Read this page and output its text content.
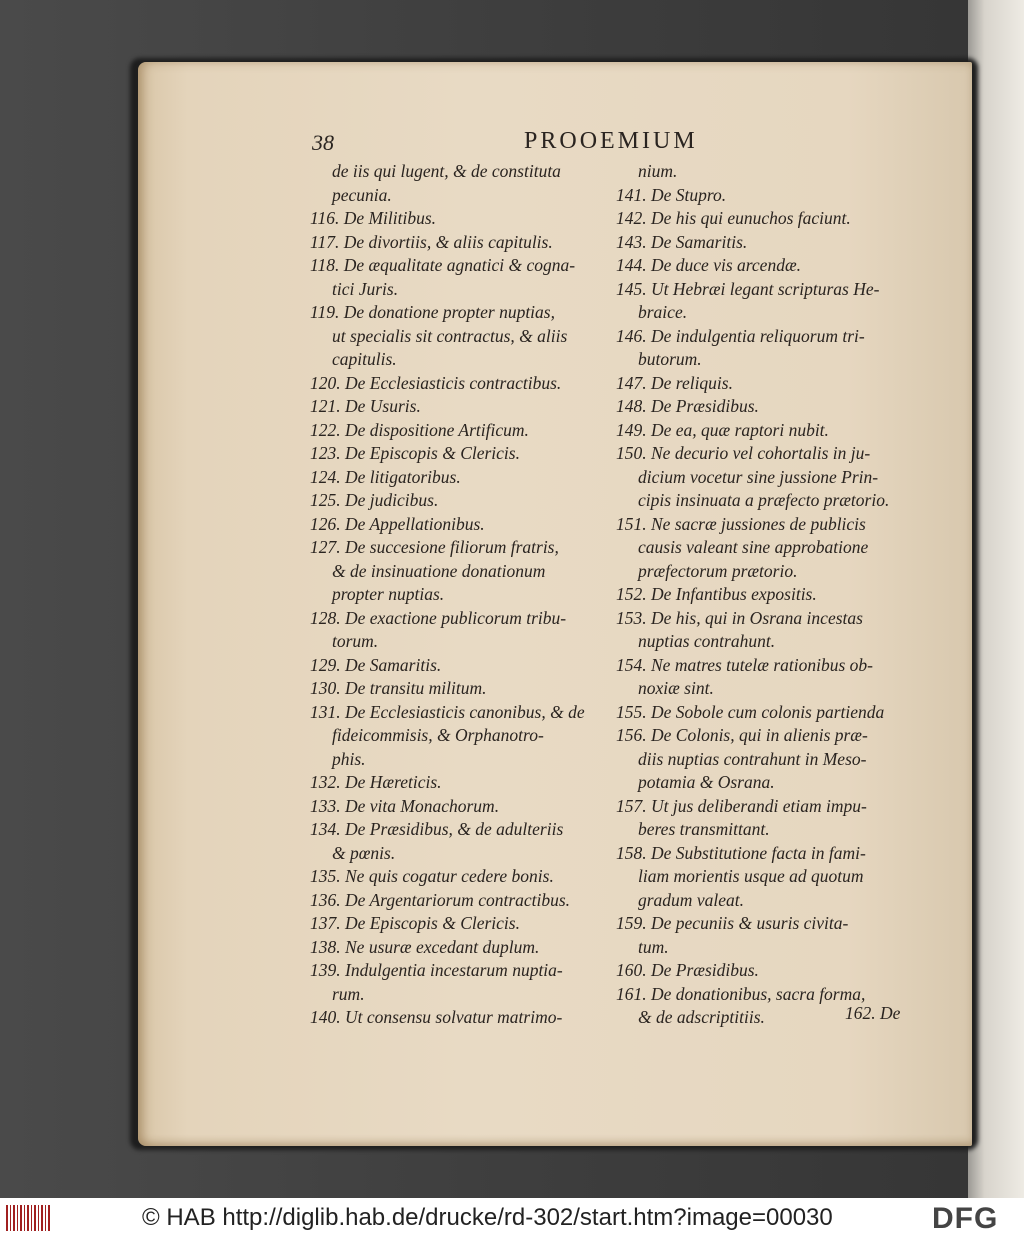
38	PROOEMIUM
de iis qui lugent, & de constituta
pecunia.
116. De Militibus.
117. De divortiis, & aliis capitulis.
118. De æqualitate agnatici & cogna-
tici Juris.
119. De donatione propter nuptias,
ut specialis sit contractus, & aliis
capitulis.
120. De Ecclesiasticis contractibus.
121. De Usuris.
122. De dispositione Artificum.
123. De Episcopis & Clericis.
124. De litigatoribus.
125. De judicibus.
126. De Appellationibus.
127. De succesione filiorum fratris,
& de insinuatione donationum
propter nuptias.
128. De exactione publicorum tribu-
torum.
129. De Samaritis.
130. De transitu militum.
131. De Ecclesiasticis canonibus, & de
fideicommisis, & Orphanotro-
phis.
132. De Hæreticis.
133. De vita Monachorum.
134. De Præsidibus, & de adulteriis
& pœnis.
135. Ne quis cogatur cedere bonis.
136. De Argentariorum contractibus.
137. De Episcopis & Clericis.
138. Ne usuræ excedant duplum.
139. Indulgentia incestarum nuptia-
rum.
140. Ut consensu solvatur matrimo-
nium.
141. De Stupro.
142. De his qui eunuchos faciunt.
143. De Samaritis.
144. De duce vis arcendæ.
145. Ut Hebræi legant scripturas He-
braice.
146. De indulgentia reliquorum tri-
butorum.
147. De reliquis.
148. De Præsidibus.
149. De ea, quæ raptori nubit.
150. Ne decurio vel cohortalis in ju-
dicium vocetur sine jussione Prin-
cipis insinuata a præfecto prætorio.
151. Ne sacræ jussiones de publicis
causis valeant sine approbatione
præfectorum prætorio.
152. De Infantibus expositis.
153. De his, qui in Osrana incestas
nuptias contrahunt.
154. Ne matres tutelæ rationibus ob-
noxiæ sint.
155. De Sobole cum colonis partienda
156. De Colonis, qui in alienis præ-
diis nuptias contrahunt in Meso-
potamia & Osrana.
157. Ut jus deliberandi etiam impu-
beres transmittant.
158. De Substitutione facta in fami-
liam morientis usque ad quotum
gradum valeat.
159. De pecuniis & usuris civita-
tum.
160. De Præsidibus.
161. De donationibus, sacra forma,
& de adscriptitiis.	162. De
© HAB http://diglib.hab.de/drucke/rd-302/start.htm?image=00030	DFG
